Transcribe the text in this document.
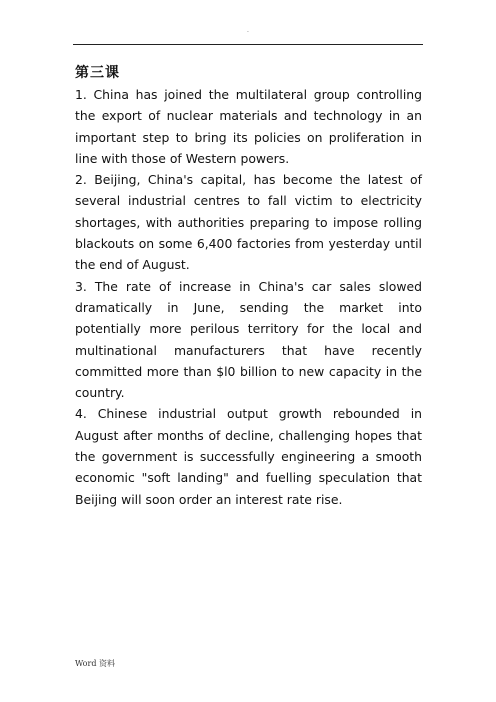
.
第三课

1. China has joined the multilateral group controlling the export of nuclear materials and technology in an important step to bring its policies on proliferation in line with those of Western powers.

2. Beijing, China's capital, has become the latest of several industrial centres to fall victim to electricity shortages, with authorities preparing to impose rolling blackouts on some 6,400 factories from yesterday until the end of August.

3. The rate of increase in China's car sales slowed dramatically in June, sending the market into potentially more perilous territory for the local and multinational manufacturers that have recently committed more than $l0 billion to new capacity in the country.

4. Chinese industrial output growth rebounded in August after months of decline, challenging hopes that the government is successfully engineering a smooth economic "soft landing" and fuelling speculation that Beijing will soon order an interest rate rise.

Word 资料
